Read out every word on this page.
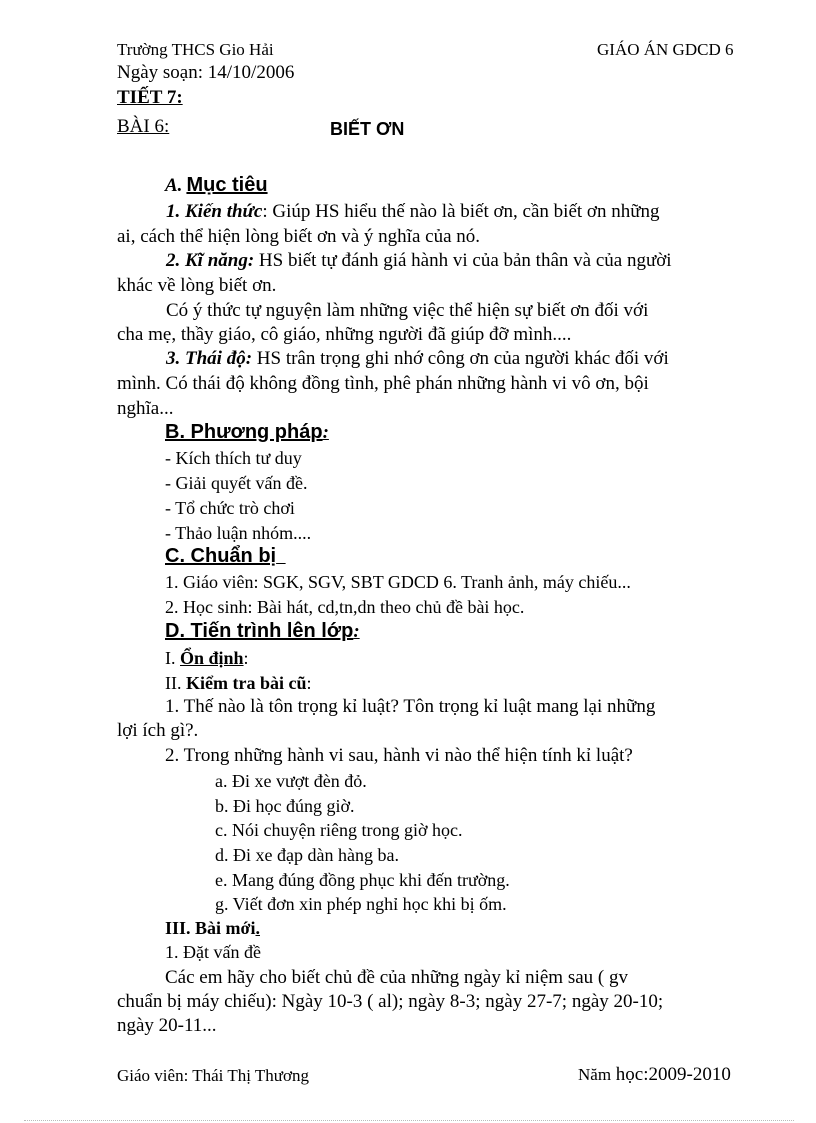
Trường THCS Gio Hải	GIÁO ÁN GDCD 6
Ngày soạn: 14/10/2006
TIẾT 7:
BÀI 6:	BIẾT ƠN
A. Mục tiêu
1. Kiến thức: Giúp HS hiểu thế nào là biết ơn, cần biết ơn những
ai, cách thể hiện lòng biết ơn và ý nghĩa của nó.
2. Kĩ năng: HS biết tự đánh giá hành vi của bản thân và của người
khác về lòng biết ơn.
Có ý thức tự nguyện làm những việc thể hiện sự biết ơn đối với
cha mẹ, thầy giáo, cô giáo, những người đã giúp đỡ mình....
3. Thái độ: HS trân trọng ghi nhớ công ơn của người khác đối với
mình. Có thái độ không đồng tình, phê phán những hành vi vô ơn, bội
nghĩa...
B. Phương pháp:
- Kích thích tư duy
- Giải quyết vấn đề.
- Tổ chức trò chơi
- Thảo luận nhóm....
C. Chuẩn bị
1. Giáo viên: SGK, SGV, SBT GDCD 6. Tranh ảnh, máy chiếu...
2. Học sinh: Bài hát, cd,tn,dn theo chủ đề bài học.
D. Tiến trình lên lớp:
I. Ổn định:
II. Kiểm tra bài cũ:
1. Thế nào là tôn trọng kỉ luật? Tôn trọng kỉ luật mang lại những
lợi ích gì?.
2. Trong những hành vi sau, hành vi nào thể hiện tính kỉ luật?
a. Đi xe vượt đèn đỏ.
b. Đi học đúng giờ.
c. Nói chuyện riêng trong giờ học.
d. Đi xe đạp dàn hàng ba.
e. Mang đúng đồng phục khi đến trường.
g. Viết đơn xin phép nghỉ học khi bị ốm.
III. Bài mới.
1. Đặt vấn đề
Các em hãy cho biết chủ đề của những ngày kỉ niệm sau ( gv
chuẩn bị máy chiếu): Ngày 10-3 ( al); ngày 8-3; ngày 27-7; ngày 20-10;
ngày 20-11...
Giáo viên: Thái Thị Thương	Năm học:2009-2010
